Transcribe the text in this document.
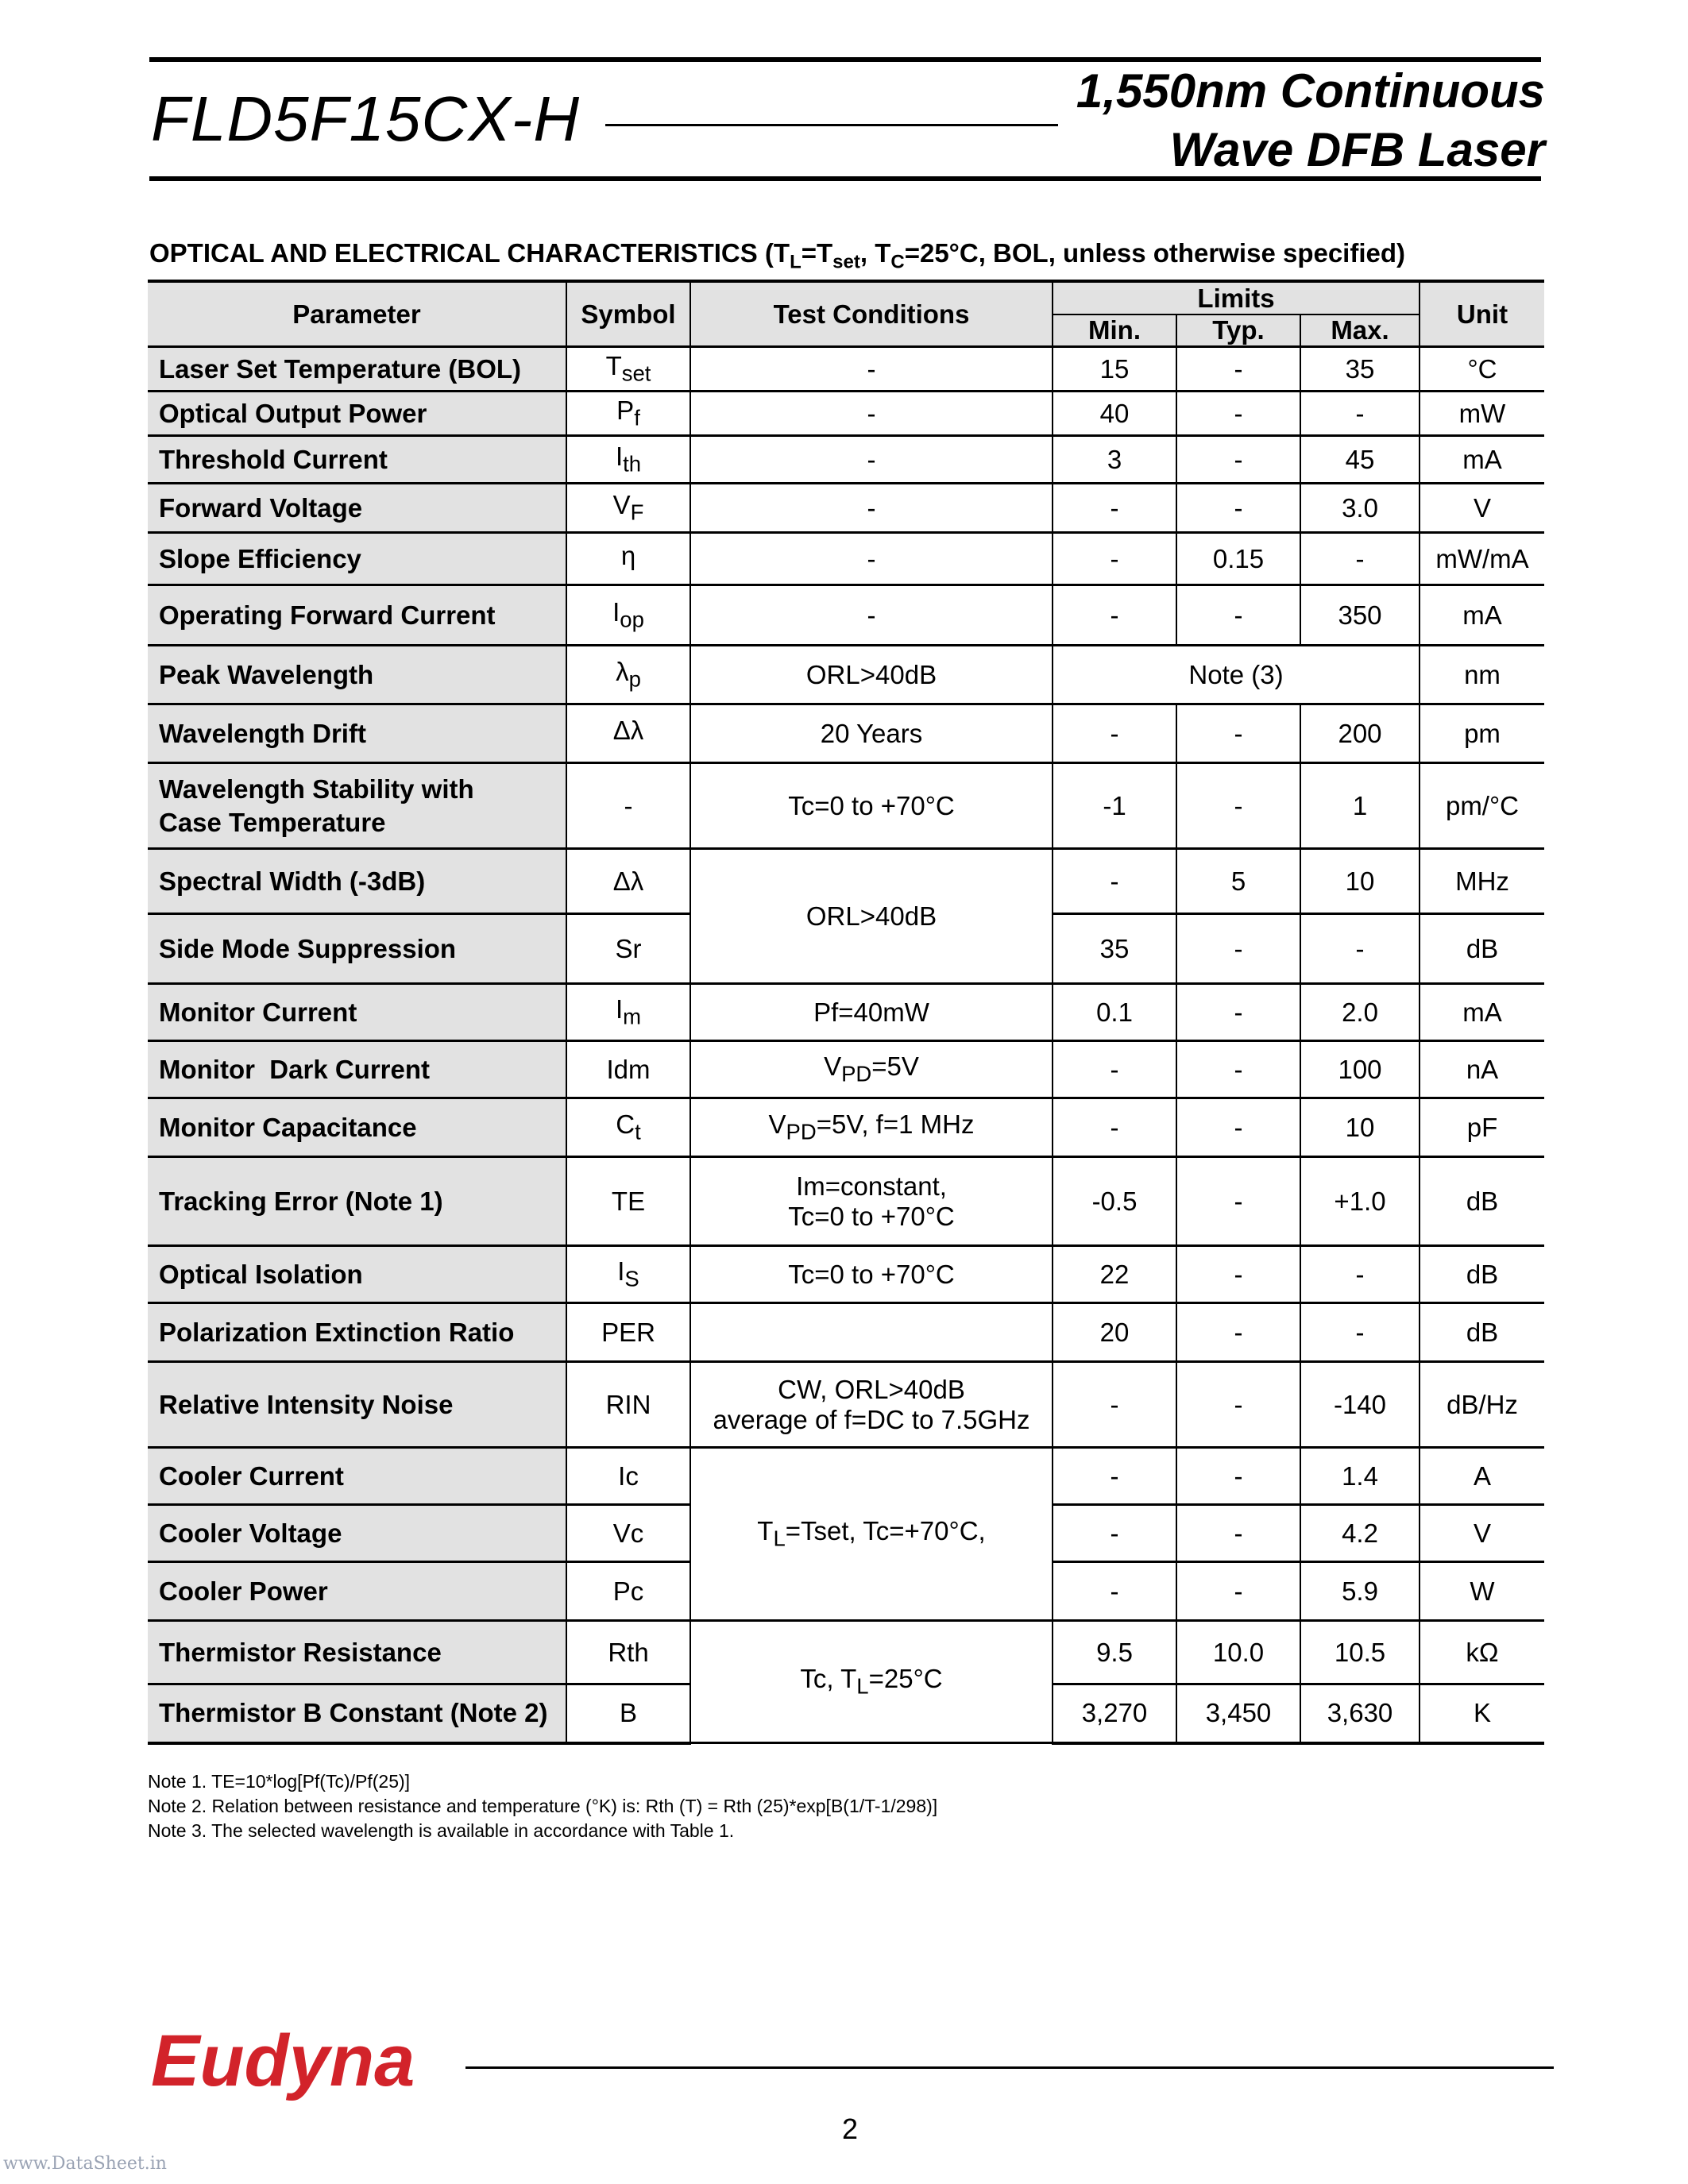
FLD5F15CX-H	1,550nm Continuous
Wave DFB Laser
OPTICAL AND ELECTRICAL CHARACTERISTICS ($T_L=T_{set}$, $T_C=25^\circ C$, BOL, unless otherwise specified)
Parameter	Symbol	Test Conditions	Limits			Unit
			Min.	Typ.	Max.	
Laser Set Temperature (BOL)	$T_{set}$	-	15	-	35	°C
Optical Output Power	$P_f$	-	40	-	-	mW
Threshold Current	$I_{th}$	-	3	-	45	mA
Forward Voltage	$V_F$	-	-	-	3.0	V
Slope Efficiency	η	-	-	0.15	-	mW/mA
Operating Forward Current	$I_{op}$	-	-	-	350	mA
Peak Wavelength	$\lambda_p$	ORL>40dB	Note (3)			nm
Wavelength Drift	Δλ	20 Years	-	-	200	pm

Wavelength Stability with
Case Temperature	-	Tc=0 to +70°C	-1	-	1	pm/°C
Spectral Width (-3dB)	Δλ	ORL>40dB	-	5	10	MHz
Side Mode Suppression	Sr		35	-	-	dB
Monitor Current	$I_m$	Pf=40mW	0.1	-	2.0	mA
Monitor  Dark Current	Idm	$V_{PD}=5V$	-	-	100	nA
Monitor Capacitance	$C_t$	$V_{PD}=5V$, f=1 MHz	-	-	10	pF
Tracking Error (Note 1)	TE	Im=constant,
Tc=0 to +70°C	-0.5	-	+1.0	dB
Optical Isolation	$I_S$	Tc=0 to +70°C	22	-	-	dB
Polarization Extinction Ratio	PER		20	-	-	dB
Relative Intensity Noise	RIN	CW, ORL>40dB
average of f=DC to 7.5GHz	-	-	-140	dB/Hz
Cooler Current	Ic	$T_L=Tset$, Tc=+70°C,	-	-	1.4	A
Cooler Voltage	Vc		-	-	4.2	V
Cooler Power	Pc		-	-	5.9	W
Thermistor Resistance	Rth	Tc, $T_L=25^\circ C$	9.5	10.0	10.5	kΩ
Thermistor B Constant (Note 2)	B		3,270	3,450	3,630	K
Note 1. TE=10*log[Pf(Tc)/Pf(25)]
Note 2. Relation between resistance and temperature (°K) is: Rth (T) = Rth (25)*exp[B(1/T-1/298)]
Note 3. The selected wavelength is available in accordance with Table 1.
Eudyna
2
www.DataSheet.in
